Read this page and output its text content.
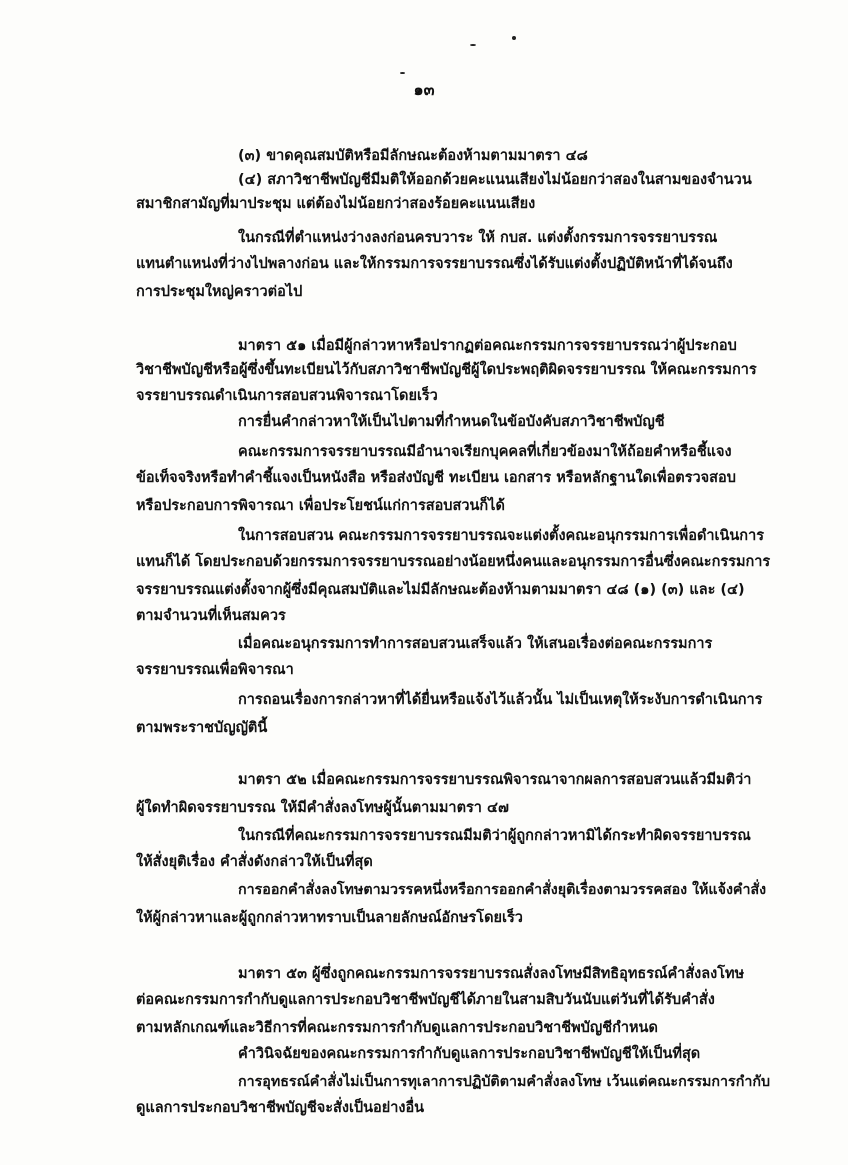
๑๓
(๓) ขาดคุณสมบัติหรือมีลักษณะต้องห้ามตามมาตรา ๔๘
(๔) สภาวิชาชีพบัญชีมีมติให้ออกด้วยคะแนนเสียงไม่น้อยกว่าสองในสามของจำนวน
สมาชิกสามัญที่มาประชุม แต่ต้องไม่น้อยกว่าสองร้อยคะแนนเสียง
ในกรณีที่ตำแหน่งว่างลงก่อนครบวาระ ให้ กบส. แต่งตั้งกรรมการจรรยาบรรณ
แทนตำแหน่งที่ว่างไปพลางก่อน และให้กรรมการจรรยาบรรณซึ่งได้รับแต่งตั้งปฏิบัติหน้าที่ได้จนถึง
การประชุมใหญ่คราวต่อไป
มาตรา ๕๑ เมื่อมีผู้กล่าวหาหรือปรากฏต่อคณะกรรมการจรรยาบรรณว่าผู้ประกอบ
วิชาชีพบัญชีหรือผู้ซึ่งขึ้นทะเบียนไว้กับสภาวิชาชีพบัญชีผู้ใดประพฤติผิดจรรยาบรรณ ให้คณะกรรมการ
จรรยาบรรณดำเนินการสอบสวนพิจารณาโดยเร็ว
การยื่นคำกล่าวหาให้เป็นไปตามที่กำหนดในข้อบังคับสภาวิชาชีพบัญชี
คณะกรรมการจรรยาบรรณมีอำนาจเรียกบุคคลที่เกี่ยวข้องมาให้ถ้อยคำหรือชี้แจง
ข้อเท็จจริงหรือทำคำชี้แจงเป็นหนังสือ หรือส่งบัญชี ทะเบียน เอกสาร หรือหลักฐานใดเพื่อตรวจสอบ
หรือประกอบการพิจารณา เพื่อประโยชน์แก่การสอบสวนก็ได้
ในการสอบสวน คณะกรรมการจรรยาบรรณจะแต่งตั้งคณะอนุกรรมการเพื่อดำเนินการ
แทนก็ได้ โดยประกอบด้วยกรรมการจรรยาบรรณอย่างน้อยหนึ่งคนและอนุกรรมการอื่นซึ่งคณะกรรมการ
จรรยาบรรณแต่งตั้งจากผู้ซึ่งมีคุณสมบัติและไม่มีลักษณะต้องห้ามตามมาตรา ๔๘ (๑) (๓) และ (๔)
ตามจำนวนที่เห็นสมควร
เมื่อคณะอนุกรรมการทำการสอบสวนเสร็จแล้ว ให้เสนอเรื่องต่อคณะกรรมการ
จรรยาบรรณเพื่อพิจารณา
การถอนเรื่องการกล่าวหาที่ได้ยื่นหรือแจ้งไว้แล้วนั้น ไม่เป็นเหตุให้ระงับการดำเนินการ
ตามพระราชบัญญัตินี้
มาตรา ๕๒ เมื่อคณะกรรมการจรรยาบรรณพิจารณาจากผลการสอบสวนแล้วมีมติว่า
ผู้ใดทำผิดจรรยาบรรณ ให้มีคำสั่งลงโทษผู้นั้นตามมาตรา ๔๗
ในกรณีที่คณะกรรมการจรรยาบรรณมีมติว่าผู้ถูกกล่าวหามิได้กระทำผิดจรรยาบรรณ
ให้สั่งยุติเรื่อง คำสั่งดังกล่าวให้เป็นที่สุด
การออกคำสั่งลงโทษตามวรรคหนึ่งหรือการออกคำสั่งยุติเรื่องตามวรรคสอง ให้แจ้งคำสั่ง
ให้ผู้กล่าวหาและผู้ถูกกล่าวหาทราบเป็นลายลักษณ์อักษรโดยเร็ว
มาตรา ๕๓ ผู้ซึ่งถูกคณะกรรมการจรรยาบรรณสั่งลงโทษมีสิทธิอุทธรณ์คำสั่งลงโทษ
ต่อคณะกรรมการกำกับดูแลการประกอบวิชาชีพบัญชีได้ภายในสามสิบวันนับแต่วันที่ได้รับคำสั่ง
ตามหลักเกณฑ์และวิธีการที่คณะกรรมการกำกับดูแลการประกอบวิชาชีพบัญชีกำหนด
คำวินิจฉัยของคณะกรรมการกำกับดูแลการประกอบวิชาชีพบัญชีให้เป็นที่สุด
การอุทธรณ์คำสั่งไม่เป็นการทุเลาการปฏิบัติตามคำสั่งลงโทษ เว้นแต่คณะกรรมการกำกับ
ดูแลการประกอบวิชาชีพบัญชีจะสั่งเป็นอย่างอื่น
